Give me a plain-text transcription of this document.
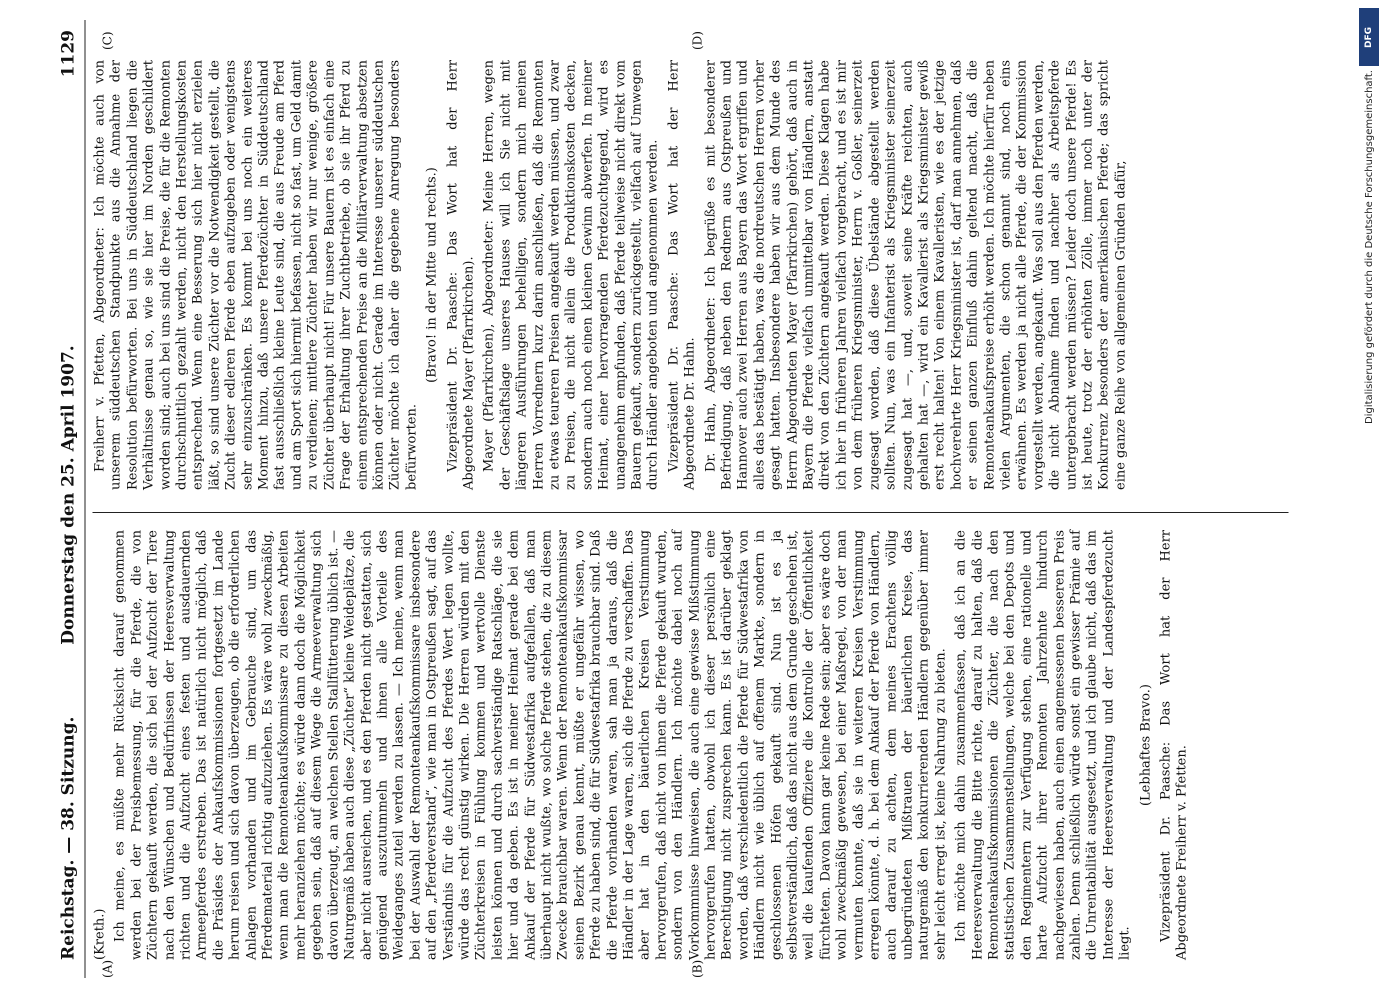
DFG
Digitalisierung gefördert durch die Deutsche Forschungsgemeinschaft.
Reichstag. — 38. Sitzung.
Donnerstag den 25. April 1907.
1129
(A)	(B)
(C)	(D)

(Kreth.) Ich meine, es müßte mehr Rücksicht darauf genommen werden bei der Preisbemessung, für die Pferde, die von Züchtern gekauft werden, die sich bei der Aufzucht der Tiere nach den Wünschen und Bedürfnissen der Heeresverwaltung richten und die Aufzucht eines festen und ausdauernden Armeepferdes erstreben. Das ist natürlich nicht möglich, daß die Präsides der Ankaufskommissionen fortgesetzt im Lande herum reisen und sich davon überzeugen, ob die erforderlichen Anlagen vorhanden und im Gebrauche sind, um das Pferdematerial richtig aufzuziehen. Es wäre wohl zweckmäßig, wenn man die Remonteankaufskommissare zu diesen Arbeiten mehr heranziehen möchte; es würde dann doch die Möglichkeit gegeben sein, daß auf diesem Wege die Armeeverwaltung sich davon überzeugt, an welchen Stellen Stallfütterung üblich ist. — Naturgemäß haben auch diese „Züchter“ kleine Weideplätze, die aber nicht ausreichen, und es den Pferden nicht gestatten, sich genügend auszutummeln und ihnen alle Vorteile des Weideganges zuteil werden zu lassen. — Ich meine, wenn man bei der Auswahl der Remonteankaufskommissare insbesondere auf den „Pferdeverstand“, wie man in Ostpreußen sagt, auf das Verständnis für die Aufzucht des Pferdes Wert legen wollte, würde das recht günstig wirken. Die Herren würden mit den Züchterkreisen in Fühlung kommen und wertvolle Dienste leisten können und durch sachverständige Ratschläge, die sie hier und da geben. Es ist in meiner Heimat gerade bei dem Ankauf der Pferde für Südwestafrika aufgefallen, daß man überhaupt nicht wußte, wo solche Pferde stehen, die zu diesem Zwecke brauchbar waren. Wenn der Remonteankaufskommissar seinen Bezirk genau kennt, müßte er ungefähr wissen, wo Pferde zu haben sind, die für Südwestafrika brauchbar sind. Daß die Pferde vorhanden waren, sah man ja daraus, daß die Händler in der Lage waren, sich die Pferde zu verschaffen. Das aber hat in den bäuerlichen Kreisen Verstimmung hervorgerufen, daß nicht von ihnen die Pferde gekauft wurden, sondern von den Händlern. Ich möchte dabei noch auf Vorkommnisse hinweisen, die auch eine gewisse Mißstimmung hervorgerufen hatten, obwohl ich dieser persönlich eine Berechtigung nicht zusprechen kann. Es ist darüber geklagt worden, daß verschiedentlich die Pferde für Südwestafrika von Händlern nicht wie üblich auf offenem Markte, sondern in geschlossenen Höfen gekauft sind. Nun ist es ja selbstverständlich, daß das nicht aus dem Grunde geschehen ist, weil die kaufenden Offiziere die Kontrolle der Öffentlichkeit fürchteten. Davon kann gar keine Rede sein; aber es wäre doch wohl zweckmäßig gewesen, bei einer Maßregel, von der man vermuten konnte, daß sie in weiteren Kreisen Verstimmung erregen könnte, d. h. bei dem Ankauf der Pferde von Händlern, auch darauf zu achten, dem meines Erachtens völlig unbegründeten Mißtrauen der bäuerlichen Kreise, das naturgemäß den konkurrierenden Händlern gegenüber immer sehr leicht erregt ist, keine Nahrung zu bieten. Ich möchte mich dahin zusammenfassen, daß ich an die Heeresverwaltung die Bitte richte, darauf zu halten, daß die Remonteankaufskommissionen die Züchter, die nach den statistischen Zusammenstellungen, welche bei den Depots und den Regimentern zur Verfügung stehen, eine rationelle und harte Aufzucht ihrer Remonten Jahrzehnte hindurch nachgewiesen haben, auch einen angemessenen besseren Preis zahlen. Denn schließlich würde sonst ein gewisser Prämie auf die Unrentabilität ausgesetzt, und ich glaube nicht, daß das im Interesse der Heeresverwaltung und der Landespferdezucht liegt.

(Lebhaftes Bravo.) Vizepräsident Dr. Paasche: Das Wort hat der Herr Abgeordnete Freiherr v. Pfetten.

Freiherr v. Pfetten, Abgeordneter: Ich möchte auch von unserem süddeutschen Standpunkte aus die Annahme der Resolution befürworten. Bei uns in Süddeutschland liegen die Verhältnisse genau so, wie sie hier im Norden geschildert worden sind; auch bei uns sind die Preise, die für die Remonten durchschnittlich gezahlt werden, nicht den Herstellungskosten entsprechend. Wenn eine Besserung sich hier nicht erzielen läßt, so sind unsere Züchter vor die Notwendigkeit gestellt, die Zucht dieser edleren Pferde eben aufzugeben oder wenigstens sehr einzuschränken. Es kommt bei uns noch ein weiteres Moment hinzu, daß unsere Pferdezüchter in Süddeutschland fast ausschließlich kleine Leute sind, die aus Freude am Pferd und am Sport sich hiermit befassen, nicht so fast, um Geld damit zu verdienen; mittlere Züchter haben wir nur wenige, größere Züchter überhaupt nicht! Für unsere Bauern ist es einfach eine Frage der Erhaltung ihrer Zuchtbetriebe, ob sie ihr Pferd zu einem entsprechenden Preise an die Militärverwaltung absetzen können oder nicht. Gerade im Interesse unserer süddeutschen Züchter möchte ich daher die gegebene Anregung besonders befürworten.

(Bravo! in der Mitte und rechts.) Vizepräsident Dr. Paasche: Das Wort hat der Herr Abgeordnete Mayer (Pfarrkirchen). Mayer (Pfarrkirchen), Abgeordneter: Meine Herren, wegen der Geschäftslage unseres Hauses will ich Sie nicht mit längeren Ausführungen behelligen, sondern mich meinen Herren Vorrednern kurz darin anschließen, daß die Remonten zu etwas teureren Preisen angekauft werden müssen, und zwar zu Preisen, die nicht allein die Produktionskosten decken, sondern auch noch einen kleinen Gewinn abwerfen. In meiner Heimat, einer hervorragenden Pferdezuchtgegend, wird es unangenehm empfunden, daß Pferde teilweise nicht direkt vom Bauern gekauft, sondern zurückgestellt, vielfach auf Umwegen durch Händler angeboten und angenommen werden. Vizepräsident Dr. Paasche: Das Wort hat der Herr Abgeordnete Dr. Hahn. Dr. Hahn, Abgeordneter: Ich begrüße es mit besonderer Befriedigung, daß neben den Rednern aus Ostpreußen und Hannover auch zwei Herren aus Bayern das Wort ergriffen und alles das bestätigt haben, was die nordreutschen Herren vorher gesagt hatten. Insbesondere haben wir aus dem Munde des Herrn Abgeordneten Mayer (Pfarrkirchen) gehört, daß auch in Bayern die Pferde vielfach unmittelbar von Händlern, anstatt direkt von den Züchtern angekauft werden. Diese Klagen habe ich hier in früheren Jahren vielfach vorgebracht, und es ist mir von dem früheren Kriegsminister, Herrn v. Goßler, seinerzeit zugesagt worden, daß diese Übelstände abgestellt werden sollten. Nun, was ein Infanterist als Kriegsminister seinerzeit zugesagt hat —, und, soweit seine Kräfte reichten, auch gehalten hat —, wird ein Kavallerist als Kriegsminister gewiß erst recht halten! Von einem Kavalleristen, wie es der jetzige hochverehrte Herr Kriegsminister ist, darf man annehmen, daß er seinen ganzen Einfluß dahin geltend macht, daß die Remonteankaufspreise erhöht werden. Ich möchte hierfür neben vielen Argumenten, die schon genannt sind, noch eins erwähnen. Es werden ja nicht alle Pferde, die der Kommission vorgestellt werden, angekauft. Was soll aus den Pferden werden, die nicht Abnahme finden und nachher als Arbeitspferde untergebracht werden müssen? Leider doch unsere Pferde! Es ist heute, trotz der erhöhten Zölle, immer noch unter der Konkurrenz besonders der amerikanischen Pferde; das spricht eine ganze Reihe von allgemeinen Gründen dafür,
